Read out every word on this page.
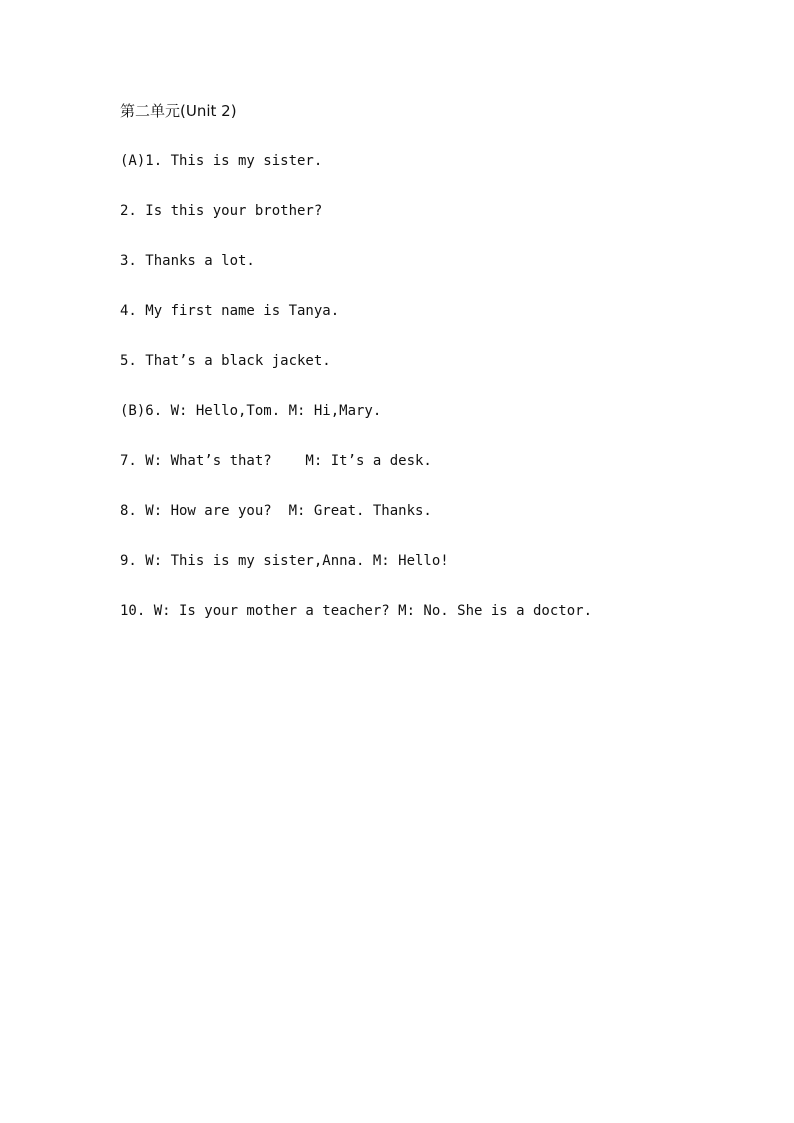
第二单元(Unit 2)
(A)1. This is my sister.
2. Is this your brother?
3. Thanks a lot.
4. My first name is Tanya.
5. That’s a black jacket.
(B)6. W: Hello,Tom. M: Hi,Mary.
7. W: What’s that?    M: It’s a desk.
8. W: How are you?  M: Great. Thanks.
9. W: This is my sister,Anna. M: Hello!
10. W: Is your mother a teacher? M: No. She is a doctor.
